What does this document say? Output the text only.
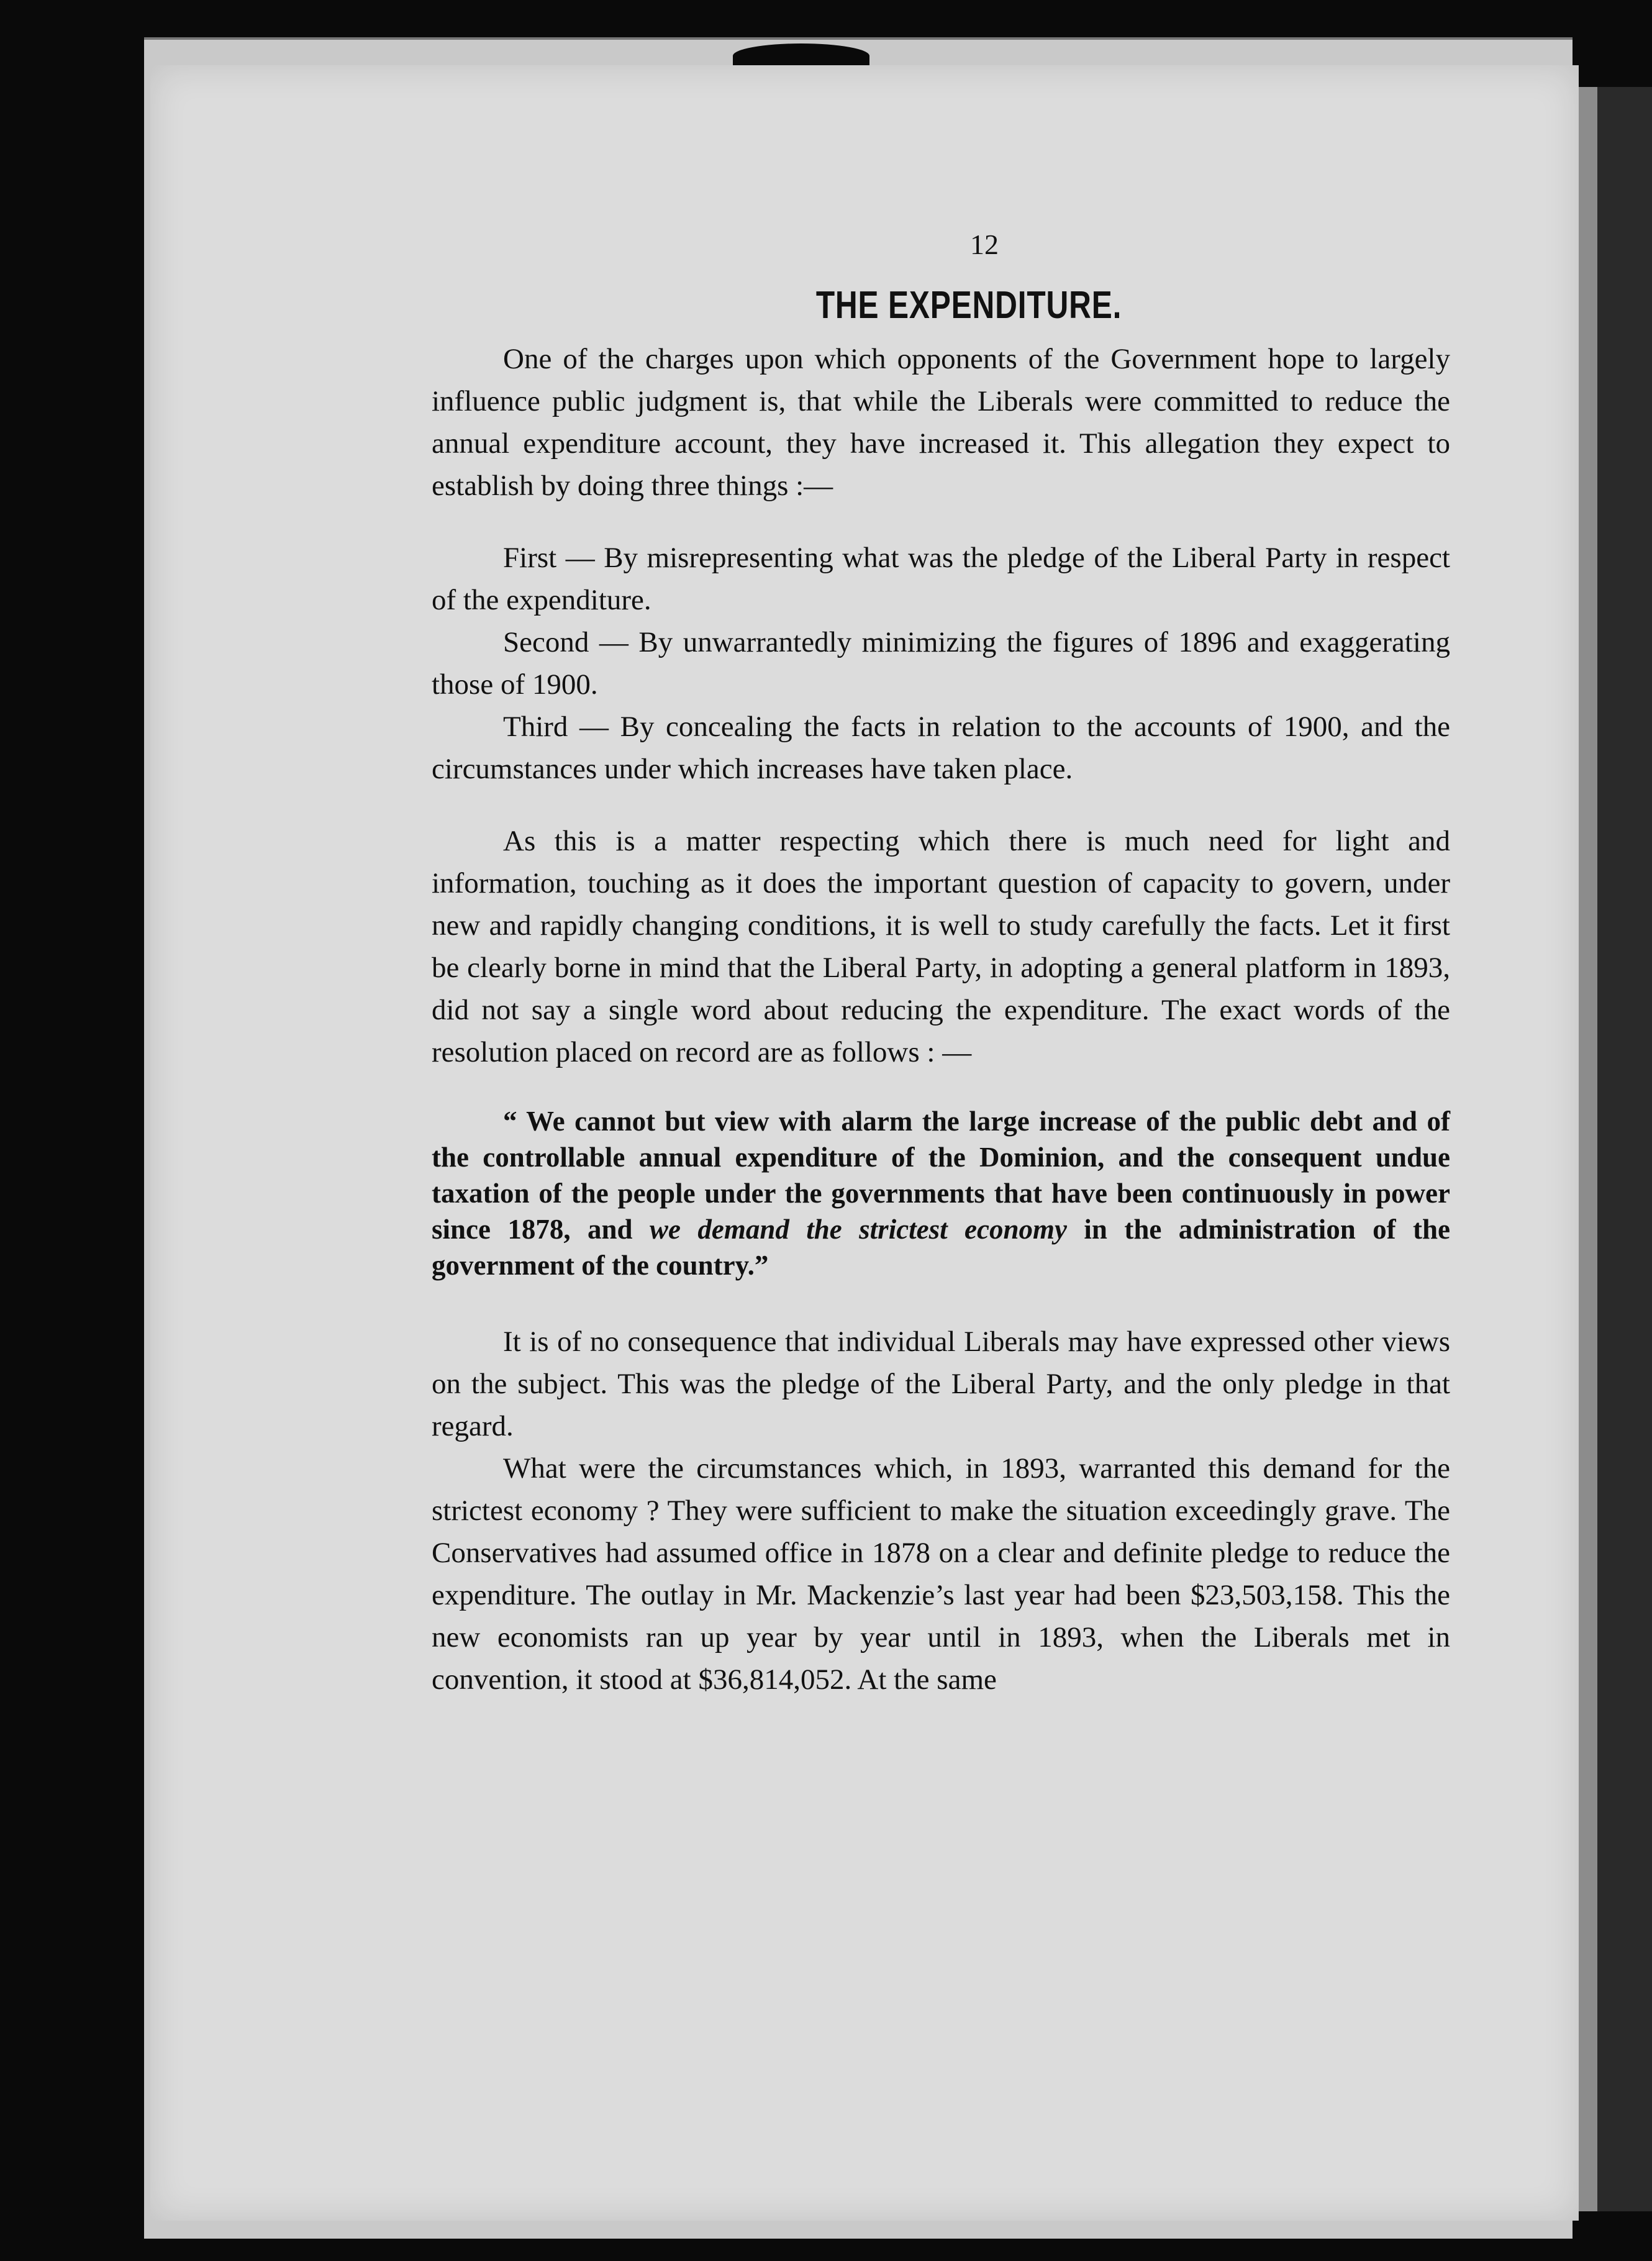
12
THE EXPENDITURE.

One of the charges upon which opponents of the Government hope to largely influence public judgment is, that while the Liberals were committed to reduce the annual expenditure account, they have increased it. This allegation they expect to establish by doing three things :—

First — By misrepresenting what was the pledge of the Liberal Party in respect of the expenditure.

Second — By unwarrantedly minimizing the figures of 1896 and exaggerating those of 1900.

Third — By concealing the facts in relation to the accounts of 1900, and the circumstances under which increases have taken place.

As this is a matter respecting which there is much need for light and information, touching as it does the important question of capacity to govern, under new and rapidly changing conditions, it is well to study carefully the facts. Let it first be clearly borne in mind that the Liberal Party, in adopting a general platform in 1893, did not say a single word about reducing the expenditure. The exact words of the resolution placed on record are as follows : —

“ We cannot but view with alarm the large increase of the public debt and of the controllable annual expenditure of the Dominion, and the consequent undue taxation of the people under the governments that have been continuously in power since 1878, and we demand the strictest economy in the administration of the government of the country.”

It is of no consequence that individual Liberals may have expressed other views on the subject. This was the pledge of the Liberal Party, and the only pledge in that regard.

What were the circumstances which, in 1893, warranted this demand for the strictest economy ? They were sufficient to make the situation exceedingly grave. The Conservatives had assumed office in 1878 on a clear and definite pledge to reduce the expenditure. The outlay in Mr. Mackenzie’s last year had been $23,503,158. This the new economists ran up year by year until in 1893, when the Liberals met in convention, it stood at $36,814,052. At the same
